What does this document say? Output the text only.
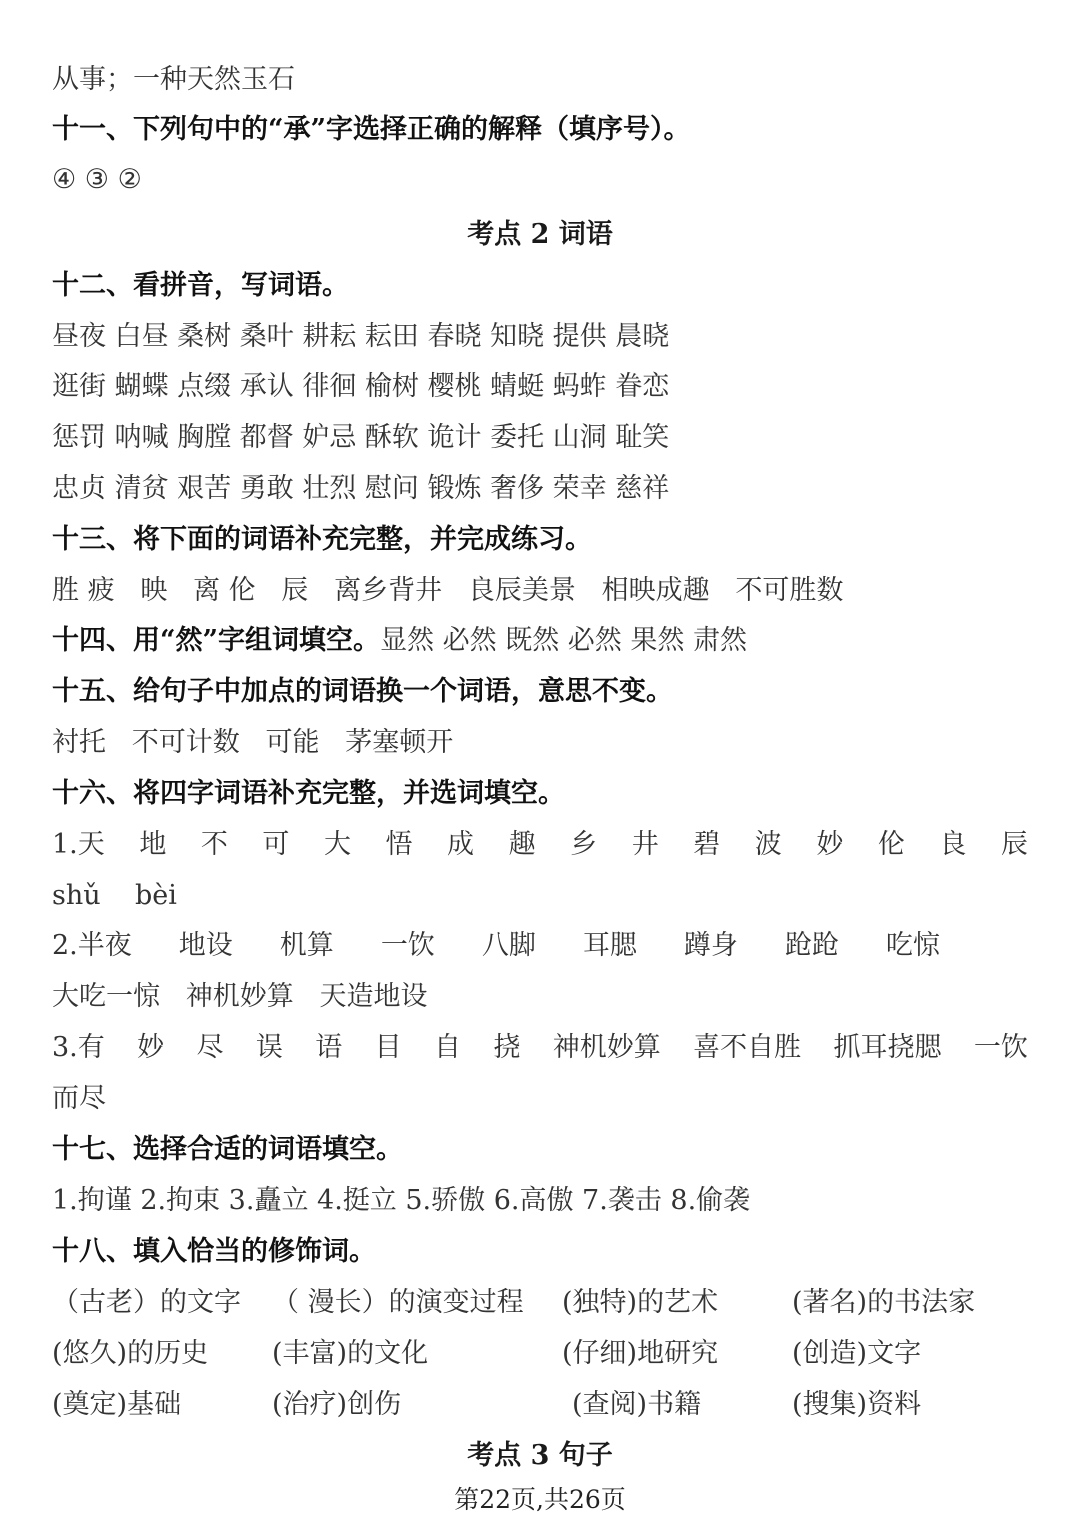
从事；一种天然玉石
十一、下列句中的“承”字选择正确的解释（填序号）。
④ ③ ②
考点 2 词语
十二、看拼音，写词语。
昼夜 白昼 桑树 桑叶 耕耘 耘田 春晓 知晓 提供 晨晓
逛街 蝴蝶 点缀 承认 徘徊 榆树 樱桃 蜻蜓 蚂蚱 眷恋
惩罚 呐喊 胸膛 都督 妒忌 酥软 诡计 委托 山洞 耻笑
忠贞 清贫 艰苦 勇敢 壮烈 慰问 锻炼 奢侈 荣幸 慈祥
十三、将下面的词语补充完整，并完成练习。
胜 疲   映   离 伦   辰   离乡背井   良辰美景   相映成趣   不可胜数
十四、用“然”字组词填空。显然 必然 既然 必然 果然 肃然
十五、给句子中加点的词语换一个词语，意思不变。
衬托   不可计数   可能   茅塞顿开
十六、将四字词语补充完整，并选词填空。
1.天 地 不 可 大 悟 成 趣 乡 井 碧 波 妙 伦 良 辰
shǔ    bèi
2.半夜 地设 机算 一饮 八脚 耳腮 蹲身 跄跄 吃惊
大吃一惊   神机妙算   天造地设
3.有 妙 尽 误 语 目 自 挠 神机妙算 喜不自胜 抓耳挠腮 一饮
而尽
十七、选择合适的词语填空。
1.拘谨 2.拘束 3.矗立 4.挺立 5.骄傲 6.高傲 7.袭击 8.偷袭
十八、填入恰当的修饰词。
（古老）的文字 （ 漫长）的演变过程 (独特)的艺术	(著名)的书法家
(悠久)的历史 (丰富)的文化	(仔细)地研究	(创造)文字
(奠定)基础	(治疗)创伤	(查阅)书籍	(搜集)资料
考点 3 句子
第22页,共26页
